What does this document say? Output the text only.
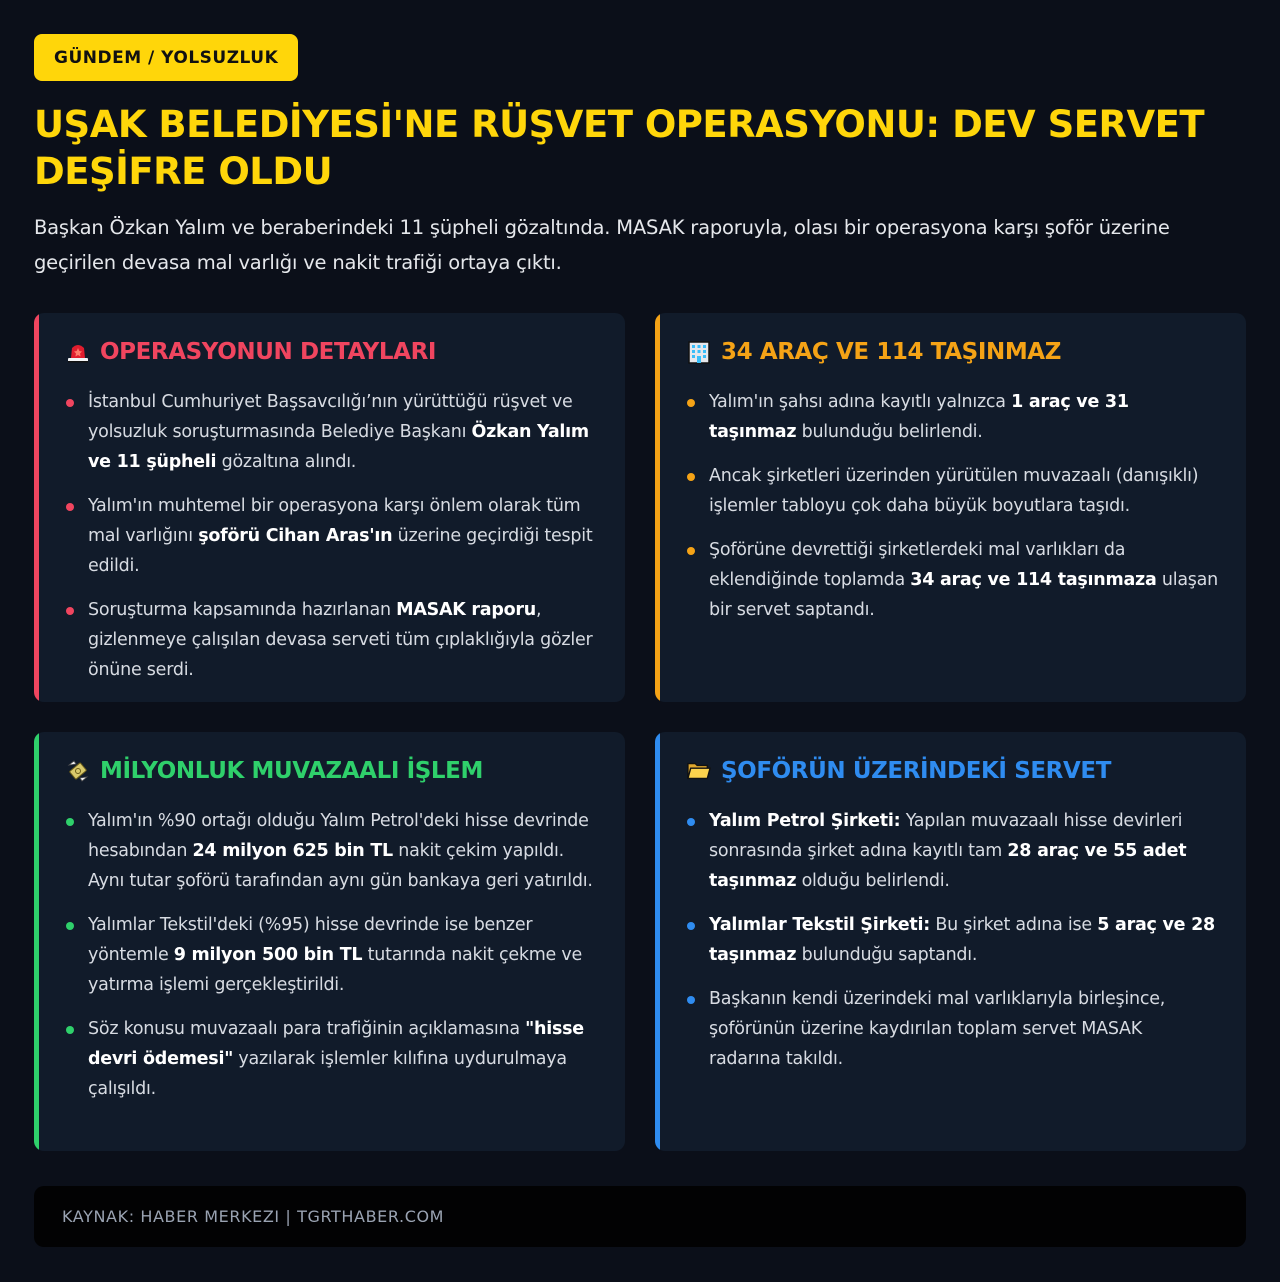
GÜNDEM / YOLSUZLUK
UŞAK BELEDİYESİ'NE RÜŞVET OPERASYONU: DEV SERVET DEŞİFRE OLDU

Başkan Özkan Yalım ve beraberindeki 11 şüpheli gözaltında. MASAK raporuyla, olası bir operasyona karşı şoför üzerine geçirilen devasa mal varlığı ve nakit trafiği ortaya çıktı.

OPERASYONUN DETAYLARI
İstanbul Cumhuriyet Başsavcılığı’nın yürüttüğü rüşvet ve yolsuzluk soruşturmasında Belediye Başkanı Özkan Yalım ve 11 şüpheli gözaltına alındı.
Yalım'ın muhtemel bir operasyona karşı önlem olarak tüm mal varlığını şoförü Cihan Aras'ın üzerine geçirdiği tespit edildi.
Soruşturma kapsamında hazırlanan MASAK raporu, gizlenmeye çalışılan devasa serveti tüm çıplaklığıyla gözler önüne serdi.
34 ARAÇ VE 114 TAŞINMAZ
Yalım'ın şahsı adına kayıtlı yalnızca 1 araç ve 31 taşınmaz bulunduğu belirlendi.
Ancak şirketleri üzerinden yürütülen muvazaalı (danışıklı) işlemler tabloyu çok daha büyük boyutlara taşıdı.
Şoförüne devrettiği şirketlerdeki mal varlıkları da eklendiğinde toplamda 34 araç ve 114 taşınmaza ulaşan bir servet saptandı.
MİLYONLUK MUVAZAALI İŞLEM
Yalım'ın %90 ortağı olduğu Yalım Petrol'deki hisse devrinde hesabından 24 milyon 625 bin TL nakit çekim yapıldı. Aynı tutar şoförü tarafından aynı gün bankaya geri yatırıldı.
Yalımlar Tekstil'deki (%95) hisse devrinde ise benzer yöntemle 9 milyon 500 bin TL tutarında nakit çekme ve yatırma işlemi gerçekleştirildi.
Söz konusu muvazaalı para trafiğinin açıklamasına "hisse devri ödemesi" yazılarak işlemler kılıfına uydurulmaya çalışıldı.
ŞOFÖRÜN ÜZERİNDEKİ SERVET
Yalım Petrol Şirketi: Yapılan muvazaalı hisse devirleri sonrasında şirket adına kayıtlı tam 28 araç ve 55 adet taşınmaz olduğu belirlendi.
Yalımlar Tekstil Şirketi: Bu şirket adına ise 5 araç ve 28 taşınmaz bulunduğu saptandı.
Başkanın kendi üzerindeki mal varlıklarıyla birleşince, şoförünün üzerine kaydırılan toplam servet MASAK radarına takıldı.
KAYNAK: HABER MERKEZI | TGRTHABER.COM
